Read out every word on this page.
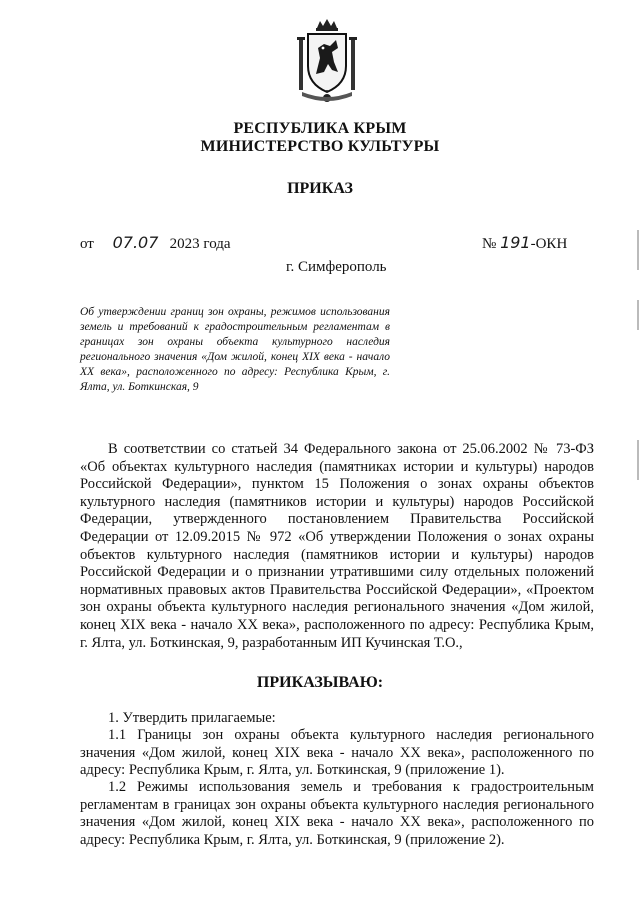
РЕСПУБЛИКА КРЫМ
МИНИСТЕРСТВО КУЛЬТУРЫ
ПРИКАЗ
от 07.07 2023 года	№ 191-ОКН
г. Симферополь
Об утверждении границ зон охраны, режимов использования земель и требований к градостроительным регламентам в границах зон охраны объекта культурного наследия регионального значения «Дом жилой, конец XIX века - начало XX века», расположенного по адресу: Республика Крым, г. Ялта, ул. Боткинская, 9

В соответствии со статьей 34 Федерального закона от 25.06.2002 № 73-ФЗ «Об объектах культурного наследия (памятниках истории и культуры) народов Российской Федерации», пунктом 15 Положения о зонах охраны объектов культурного наследия (памятников истории и культуры) народов Российской Федерации, утвержденного постановлением Правительства Российской Федерации от 12.09.2015 № 972 «Об утверждении Положения о зонах охраны объектов культурного наследия (памятников истории и культуры) народов Российской Федерации и о признании утратившими силу отдельных положений нормативных правовых актов Правительства Российской Федерации», «Проектом зон охраны объекта культурного наследия регионального значения «Дом жилой, конец XIX века - начало XX века», расположенного по адресу: Республика Крым, г. Ялта, ул. Боткинская, 9, разработанным ИП Кучинская Т.О.,

ПРИКАЗЫВАЮ:
1. Утвердить прилагаемые:

1.1 Границы зон охраны объекта культурного наследия регионального значения «Дом жилой, конец XIX века - начало XX века», расположенного по адресу: Республика Крым, г. Ялта, ул. Боткинская, 9 (приложение 1).

1.2 Режимы использования земель и требования к градостроительным регламентам в границах зон охраны объекта культурного наследия регионального значения «Дом жилой, конец XIX века - начало XX века», расположенного по адресу: Республика Крым, г. Ялта, ул. Боткинская, 9 (приложение 2).
